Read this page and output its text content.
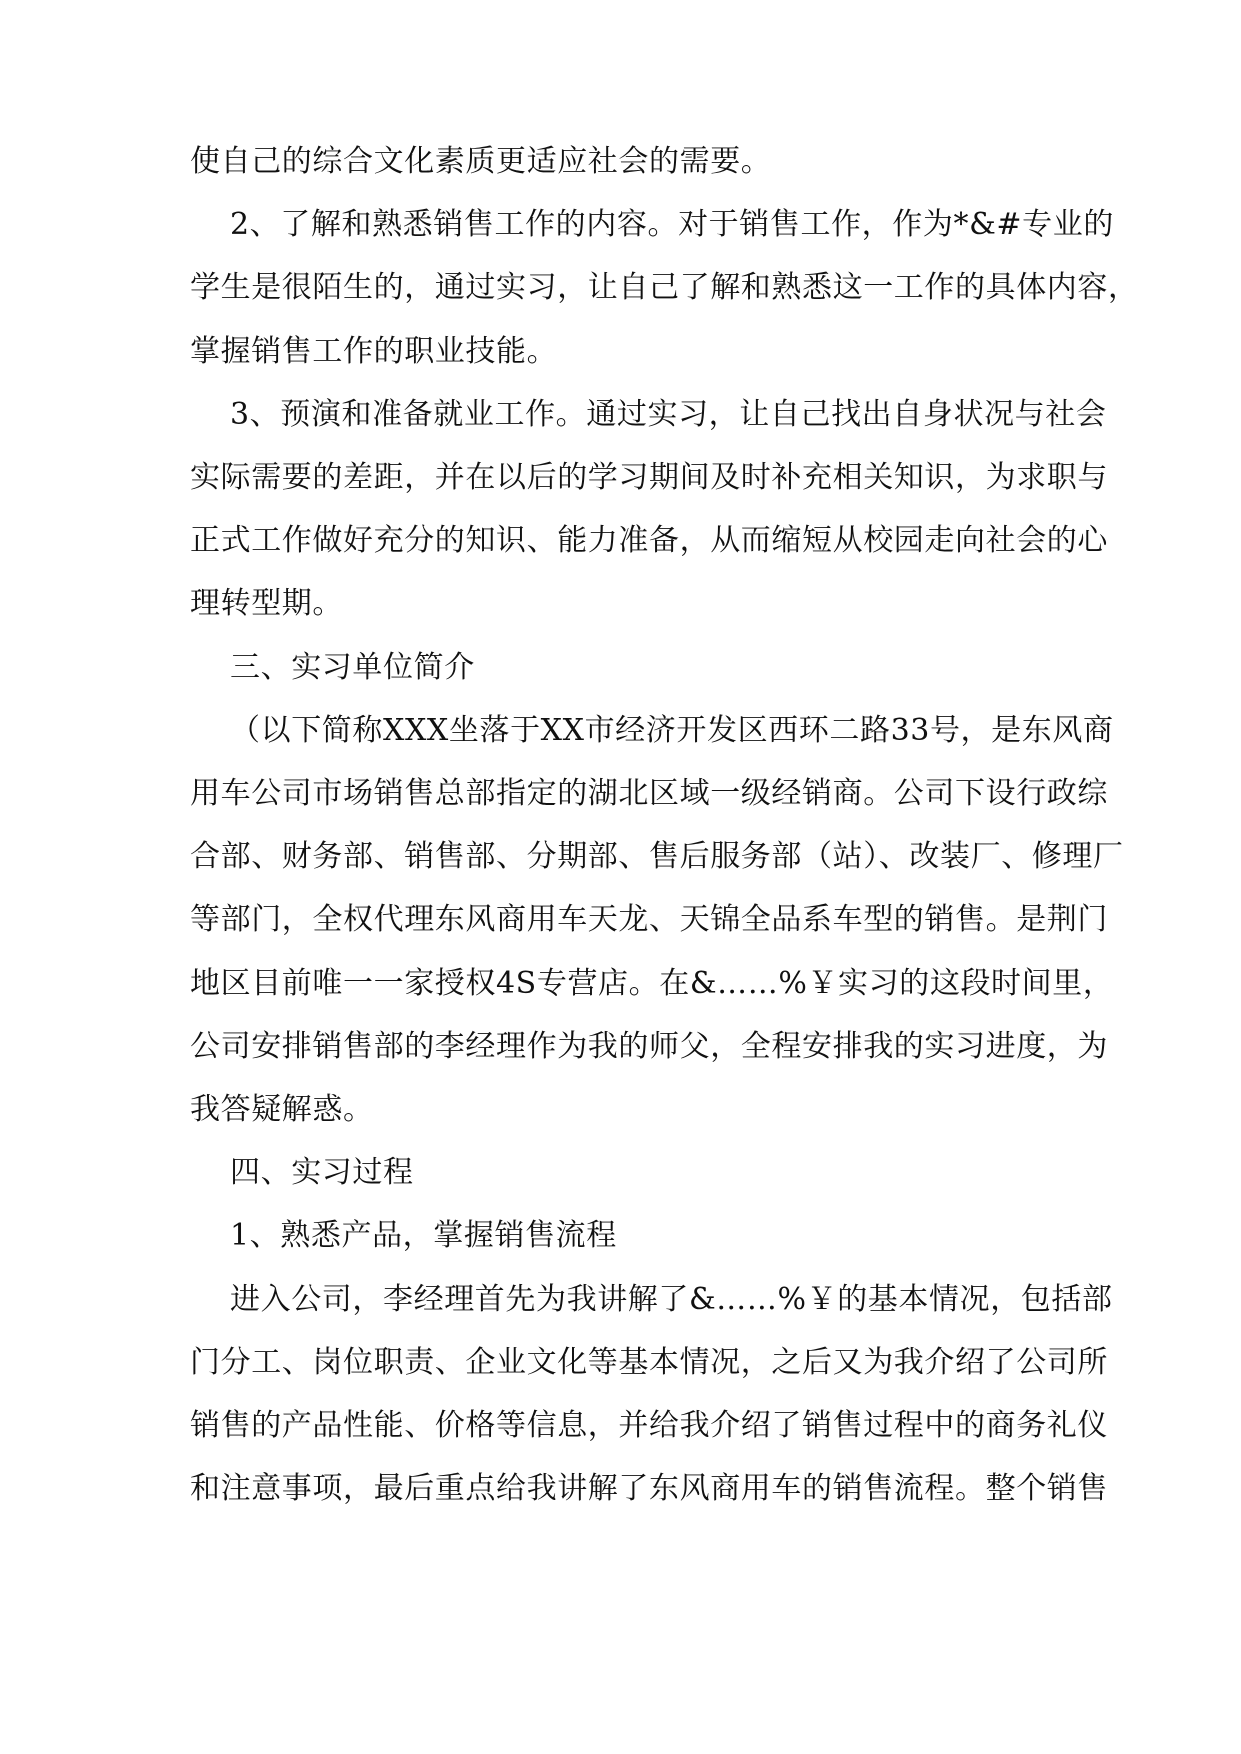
使自己的综合文化素质更适应社会的需要。
2、了解和熟悉销售工作的内容。对于销售工作，作为*&#专业的
学生是很陌生的，通过实习，让自己了解和熟悉这一工作的具体内容，
掌握销售工作的职业技能。
3、预演和准备就业工作。通过实习，让自己找出自身状况与社会
实际需要的差距，并在以后的学习期间及时补充相关知识，为求职与
正式工作做好充分的知识、能力准备，从而缩短从校园走向社会的心
理转型期。
三、实习单位简介
（以下简称XXX坐落于XX市经济开发区西环二路33号，是东风商
用车公司市场销售总部指定的湖北区域一级经销商。公司下设行政综
合部、财务部、销售部、分期部、售后服务部（站）、改装厂、修理厂
等部门，全权代理东风商用车天龙、天锦全品系车型的销售。是荆门
地区目前唯一一家授权4S专营店。在&……%￥实习的这段时间里，
公司安排销售部的李经理作为我的师父，全程安排我的实习进度，为
我答疑解惑。
四、实习过程
1、熟悉产品，掌握销售流程
进入公司，李经理首先为我讲解了&……%￥的基本情况，包括部
门分工、岗位职责、企业文化等基本情况，之后又为我介绍了公司所
销售的产品性能、价格等信息，并给我介绍了销售过程中的商务礼仪
和注意事项，最后重点给我讲解了东风商用车的销售流程。整个销售
